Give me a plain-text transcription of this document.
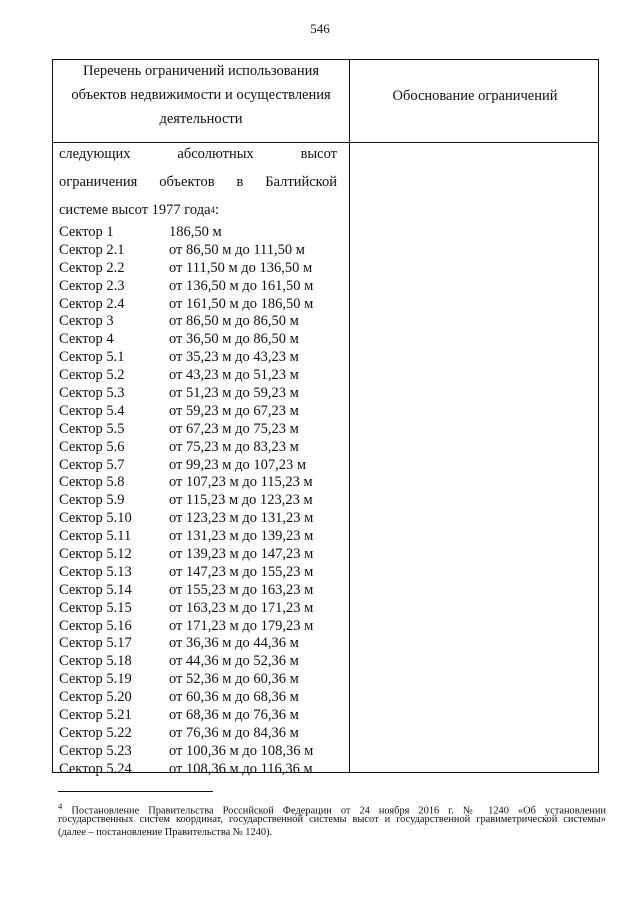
546
Перечень ограничений использования
объектов недвижимости и осуществления
деятельности
Обоснование ограничений
следующих	абсолютных	высот
ограничения объектов в Балтийской
системе высот 1977 года 4 :
Сектор 1	186,50 м
Сектор 2.1	от 86,50 м до 111,50 м
Сектор 2.2	от 111,50 м до 136,50 м
Сектор 2.3	от 136,50 м до 161,50 м
Сектор 2.4	от 161,50 м до 186,50 м
Сектор 3	от 86,50 м до 86,50 м
Сектор 4	от 36,50 м до 86,50 м
Сектор 5.1	от 35,23 м до 43,23 м
Сектор 5.2	от 43,23 м до 51,23 м
Сектор 5.3	от 51,23 м до 59,23 м
Сектор 5.4	от 59,23 м до 67,23 м
Сектор 5.5	от 67,23 м до 75,23 м
Сектор 5.6	от 75,23 м до 83,23 м
Сектор 5.7	от 99,23 м до 107,23 м
Сектор 5.8	от 107,23 м до 115,23 м
Сектор 5.9	от 115,23 м до 123,23 м
Сектор 5.10	от 123,23 м до 131,23 м
Сектор 5.11	от 131,23 м до 139,23 м
Сектор 5.12	от 139,23 м до 147,23 м
Сектор 5.13	от 147,23 м до 155,23 м
Сектор 5.14	от 155,23 м до 163,23 м
Сектор 5.15	от 163,23 м до 171,23 м
Сектор 5.16	от 171,23 м до 179,23 м
Сектор 5.17	от 36,36 м до 44,36 м
Сектор 5.18	от 44,36 м до 52,36 м
Сектор 5.19	от 52,36 м до 60,36 м
Сектор 5.20	от 60,36 м до 68,36 м
Сектор 5.21	от 68,36 м до 76,36 м
Сектор 5.22	от 76,36 м до 84,36 м
Сектор 5.23	от 100,36 м до 108,36 м
Сектор 5.24	от 108,36 м до 116,36 м
$^4$ Постановление Правительства Российской Федерации от 24 ноября 2016 г. № 1240 «Об установлении
государственных систем координат, государственной системы высот и государственной гравиметрической системы»
(далее – постановление Правительства № 1240).
